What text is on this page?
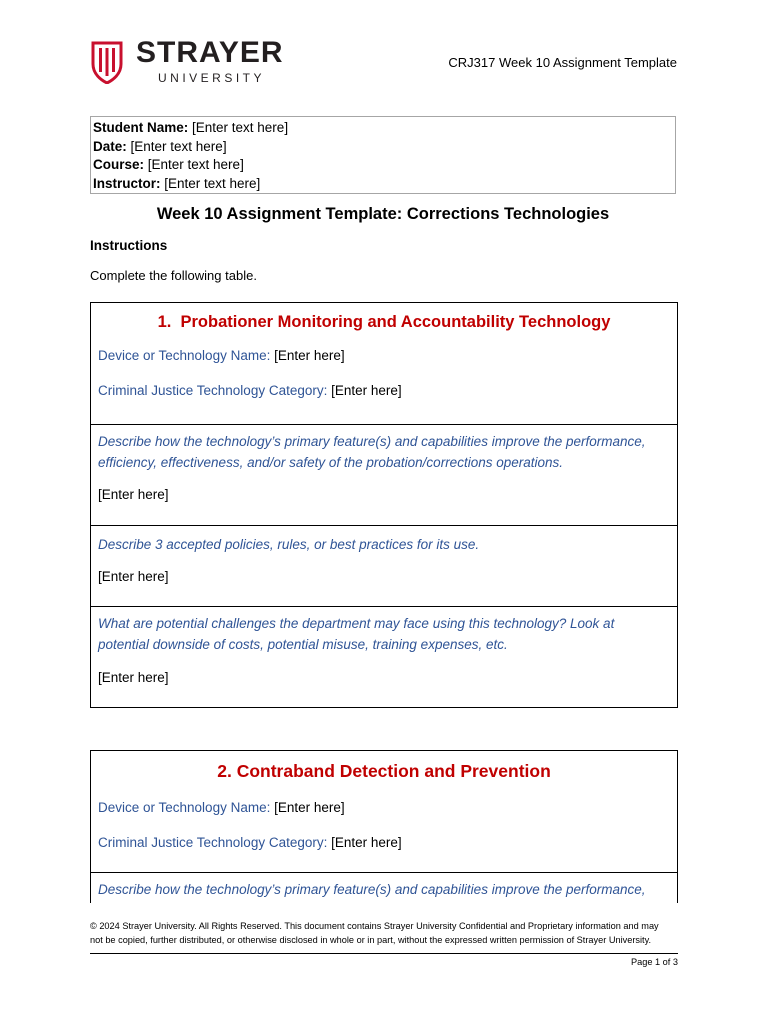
STRAYER
UNIVERSITY
CRJ317 Week 10 Assignment Template
Student Name: [Enter text here]
Date: [Enter text here]
Course: [Enter text here]
Instructor: [Enter text here]
Week 10 Assignment Template: Corrections Technologies
Instructions
Complete the following table.
1. Probationer Monitoring and Accountability Technology
Device or Technology Name: [Enter here]
Criminal Justice Technology Category: [Enter here]
Describe how the technology’s primary feature(s) and capabilities improve the performance,
efficiency, effectiveness, and/or safety of the probation/corrections operations.
[Enter here]
Describe 3 accepted policies, rules, or best practices for its use.
[Enter here]
What are potential challenges the department may face using this technology? Look at
potential downside of costs, potential misuse, training expenses, etc.
[Enter here]
2. Contraband Detection and Prevention
Device or Technology Name: [Enter here]
Criminal Justice Technology Category: [Enter here]
Describe how the technology’s primary feature(s) and capabilities improve the performance,
© 2024 Strayer University. All Rights Reserved. This document contains Strayer University Confidential and Proprietary information and may
not be copied, further distributed, or otherwise disclosed in whole or in part, without the expressed written permission of Strayer University.
Page 1 of 3
